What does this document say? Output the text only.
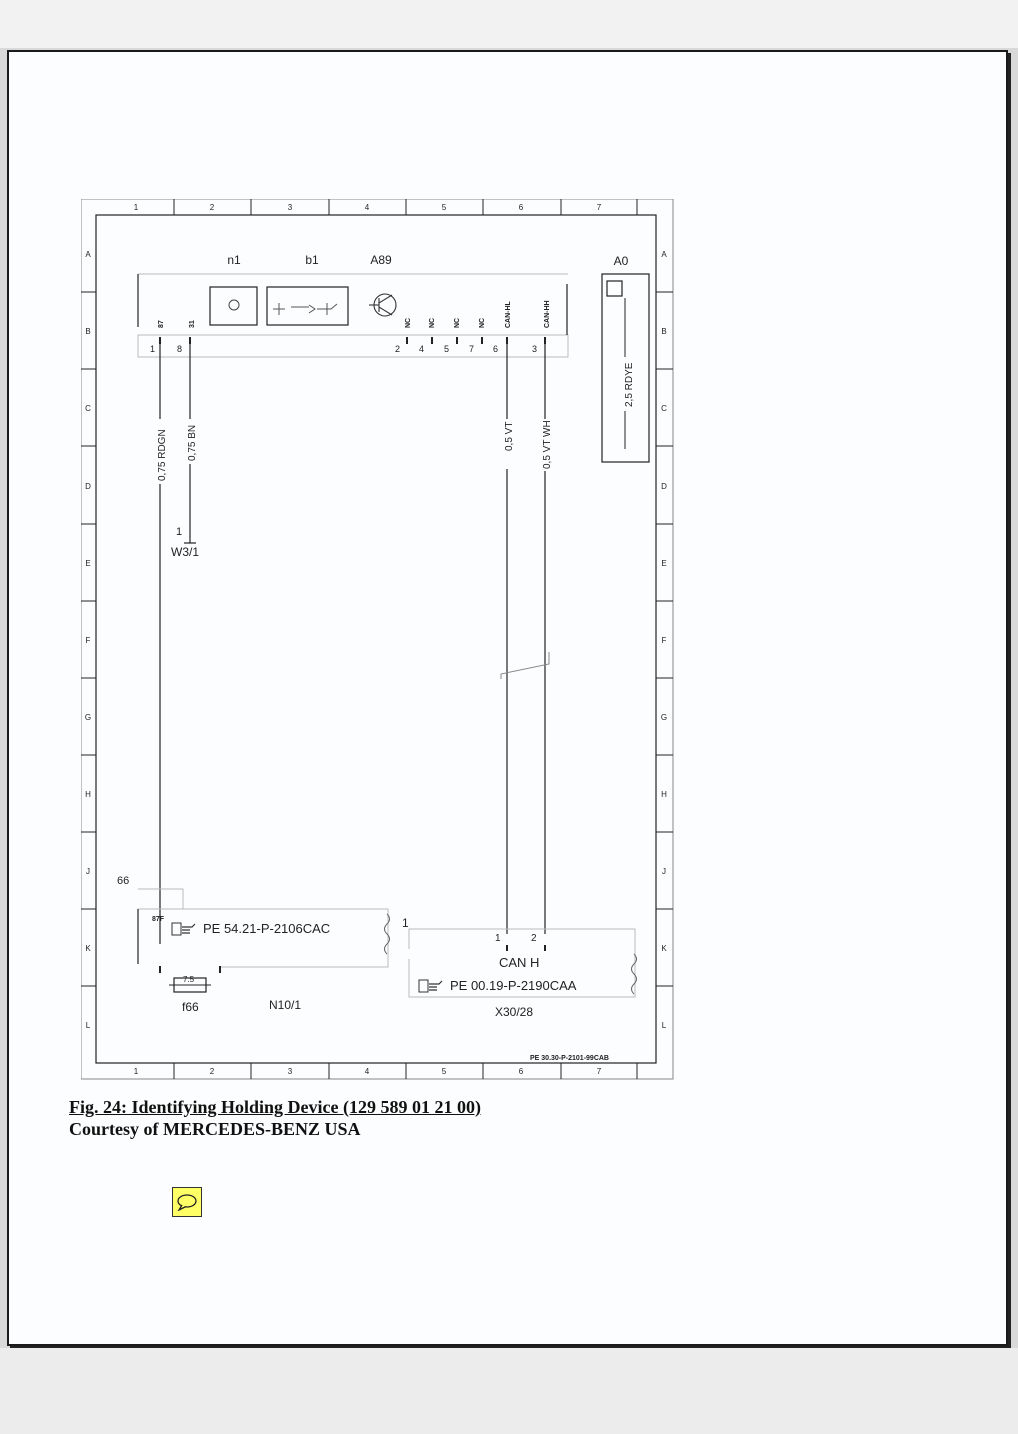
1	2	3	4	5	6	7
1	2	3	4	5	6	7
A
B
C
D
E
F
G
H
J
K
L
A
B
C
D
E
F
G
H
J
K
L
n1	b1	A89	A0
87	31	NC NC	NC	NC	CAN-HL	CAN-HH
1 8	2 4 5 7 6	3
2,5 RDYE
0,75 RDGN 0,75 BN	0,5 VT	0,5 VT WH
1
W3/1
66
87F
PE 54.21-P-2106CAC
7.5
f66	N10/1
1
1	2
CAN H
PE 00.19-P-2190CAA
X30/28
PE 30.30-P-2101-99CAB

Fig. 24: Identifying Holding Device (129 589 01 21 00)
Courtesy of MERCEDES-BENZ USA
